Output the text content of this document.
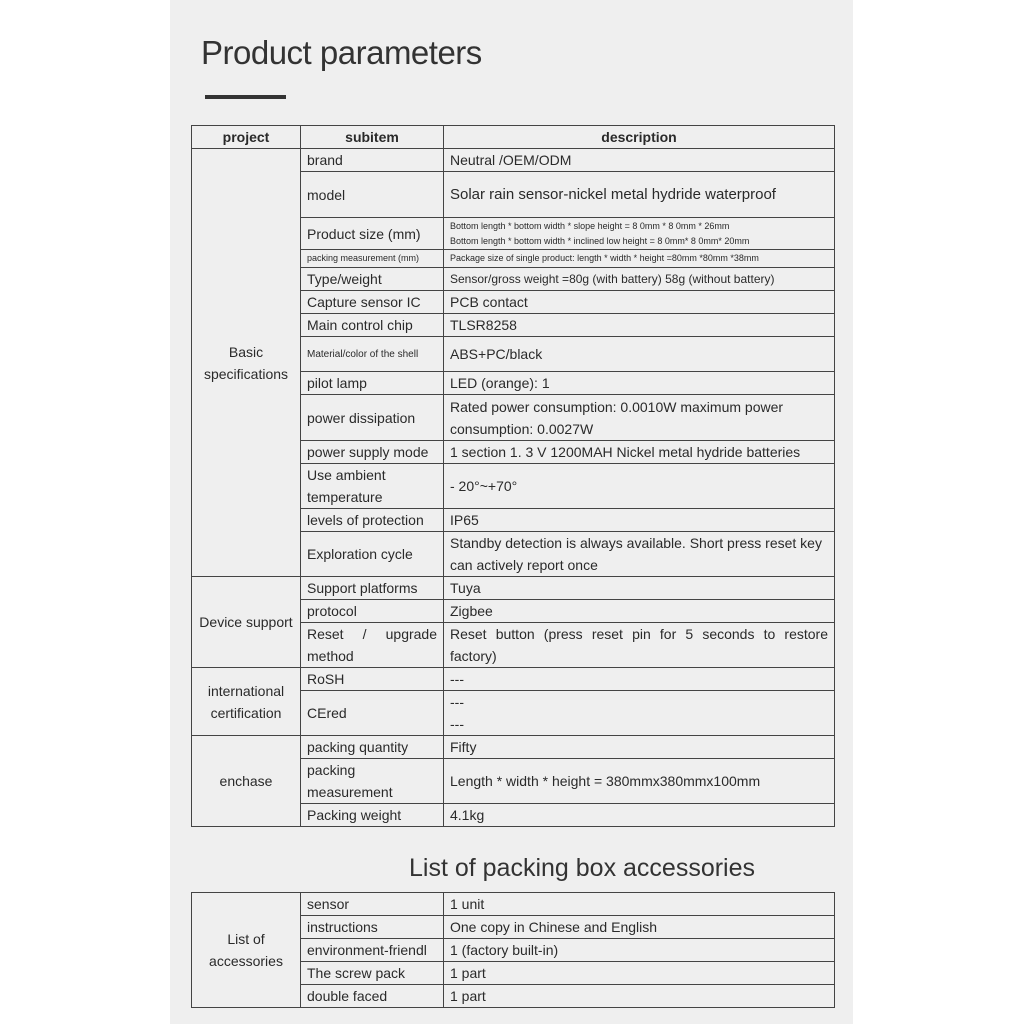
Product parameters
project	subitem	description
Basic specifications	brand	Neutral /OEM/ODM
	model	Solar rain sensor-nickel metal hydride waterproof
	Product size (mm)	Bottom length * bottom width * slope height = 8 0mm * 8 0mm * 26mm
Bottom length * bottom width * inclined low height = 8 0mm* 8 0mm* 20mm

	packing measurement (mm)	Package size of single product: length * width * height =80mm *80mm *38mm
	Type/weight	Sensor/gross weight =80g (with battery) 58g (without battery)
	Capture sensor IC	PCB contact
	Main control chip	TLSR8258
	Material/color of the shell	ABS+PC/black
	pilot lamp	LED (orange): 1
	power dissipation	Rated power consumption: 0.0010W maximum power consumption: 0.0027W
	power supply mode	1 section 1. 3 V 1200MAH Nickel metal hydride batteries
	Use ambient temperature	- 20°~+70°
	levels of protection	IP65
	Exploration cycle	Standby detection is always available. Short press reset key can actively report once
Device support	Support platforms	Tuya
	protocol	Zigbee
	Reset / upgrade method	Reset button (press reset pin for 5 seconds to restore factory)
international certification	RoSH	---
	CEred	---
---

enchase	packing quantity	Fifty
	packing measurement	Length * width * height = 380mmx380mmx100mm
	Packing weight	4.1kg
List of packing box accessories
List of accessories	sensor	1 unit
	instructions	One copy in Chinese and English
	environment-friendl	1 (factory built-in)
	The screw pack	1 part
	double faced	1 part
